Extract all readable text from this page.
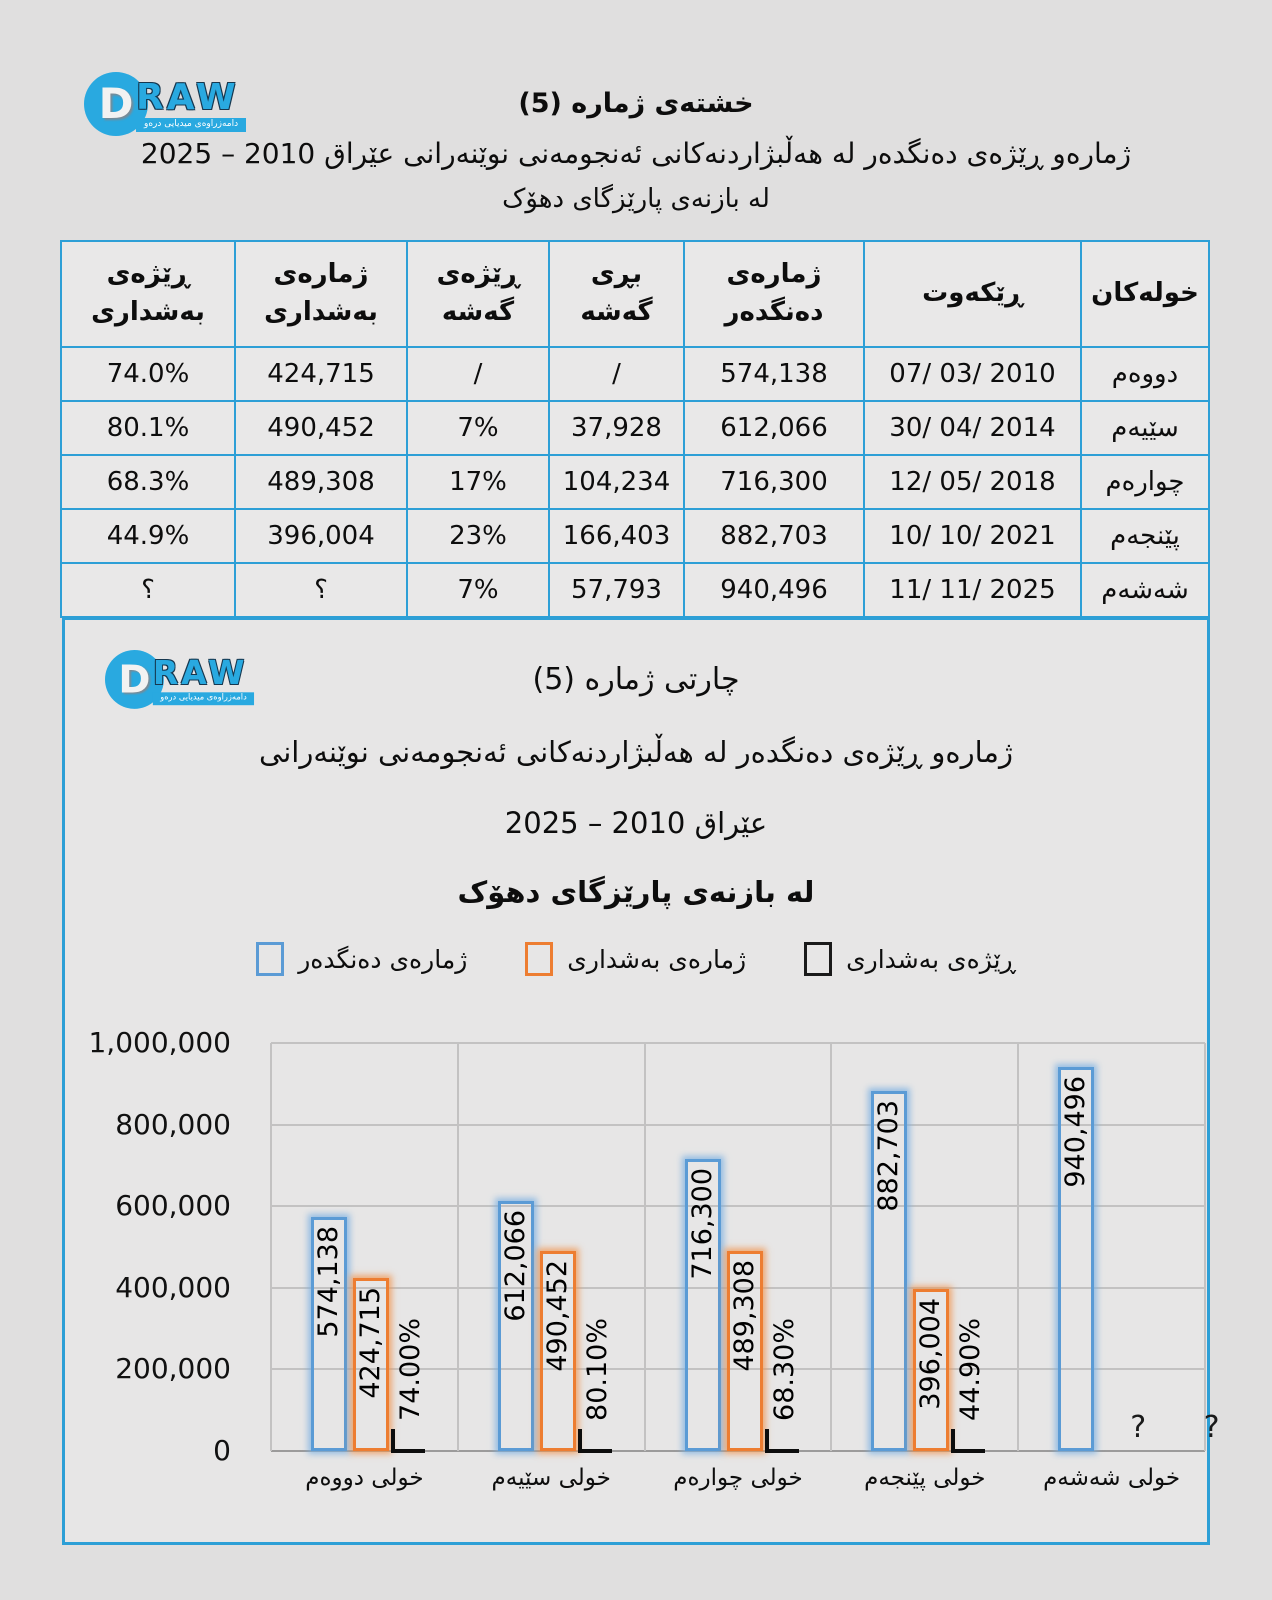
D RAW
دامەزراوەی میدیایی درەو
خشتەی ژماره (5)
ژمارەو ڕێژەی دەنگدەر لە هەڵبژاردنەکانی ئەنجومەنی نوێنەرانی عێراق 2010 – 2025
لە بازنەی پارێزگای دهۆک
خولەکان	ڕێکەوت	ژمارەی دەنگدەر	بڕی گەشە	ڕێژەی گەشە	ژمارەی بەشداری	ڕێژەی بەشداری
دووەم	07/ 03/ 2010	574,138	/	/	424,715	74.0%
سێیەم	30/ 04/ 2014	612,066	37,928	7%	490,452	80.1%
چوارەم	12/ 05/ 2018	716,300	104,234	17%	489,308	68.3%
پێنجەم	10/ 10/ 2021	882,703	166,403	23%	396,004	44.9%
شەشەم	11/ 11/ 2025	940,496	57,793	7%	؟	؟
D RAW
دامەزراوەی میدیایی درەو
چارتی ژماره (5)
ژمارەو ڕێژەی دەنگدەر لە هەڵبژاردنەکانی ئەنجومەنی نوێنەرانی
عێراق 2010 – 2025
لە بازنەی پارێزگای دهۆک
ژمارەی دەنگدەر	ژمارەی بەشداری	ڕێژەی بەشداری
0
200,000
400,000
600,000
800,000
1,000,000
574,138
424,715 74.00%
612,066 490,452 80.10%
716,300
489,308 68.30%
882,703
396,004 44.90%
940,496
? ?
خولی دووەم	خولی سێیەم	خولی چوارەم	خولی پێنجەم	خولی شەشەم
